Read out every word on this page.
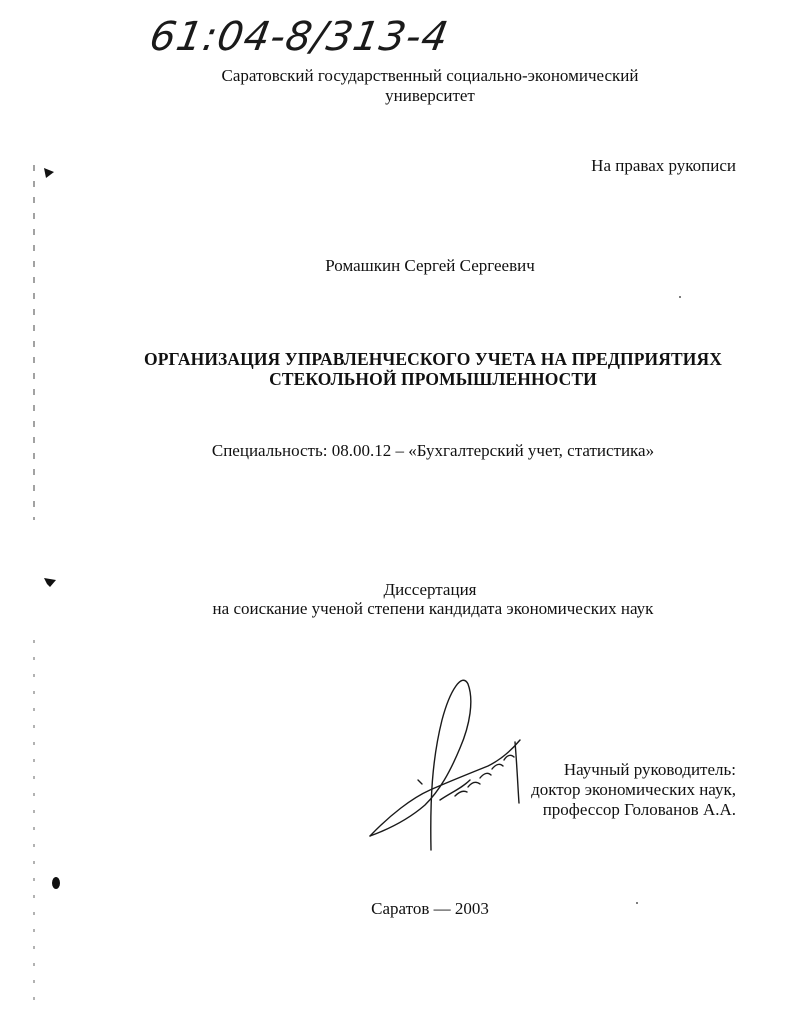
61:04-8/313-4
Саратовский государственный социально-экономический
университет
На правах рукописи
Ромашкин Сергей Сергеевич
ОРГАНИЗАЦИЯ УПРАВЛЕНЧЕСКОГО УЧЕТА НА ПРЕДПРИЯТИЯХ
СТЕКОЛЬНОЙ ПРОМЫШЛЕННОСТИ
Специальность: 08.00.12 – «Бухгалтерский учет, статистика»
Диссертация
на соискание ученой степени кандидата экономических наук
Научный руководитель:
доктор экономических наук,
профессор Голованов А.А.
Саратов — 2003
